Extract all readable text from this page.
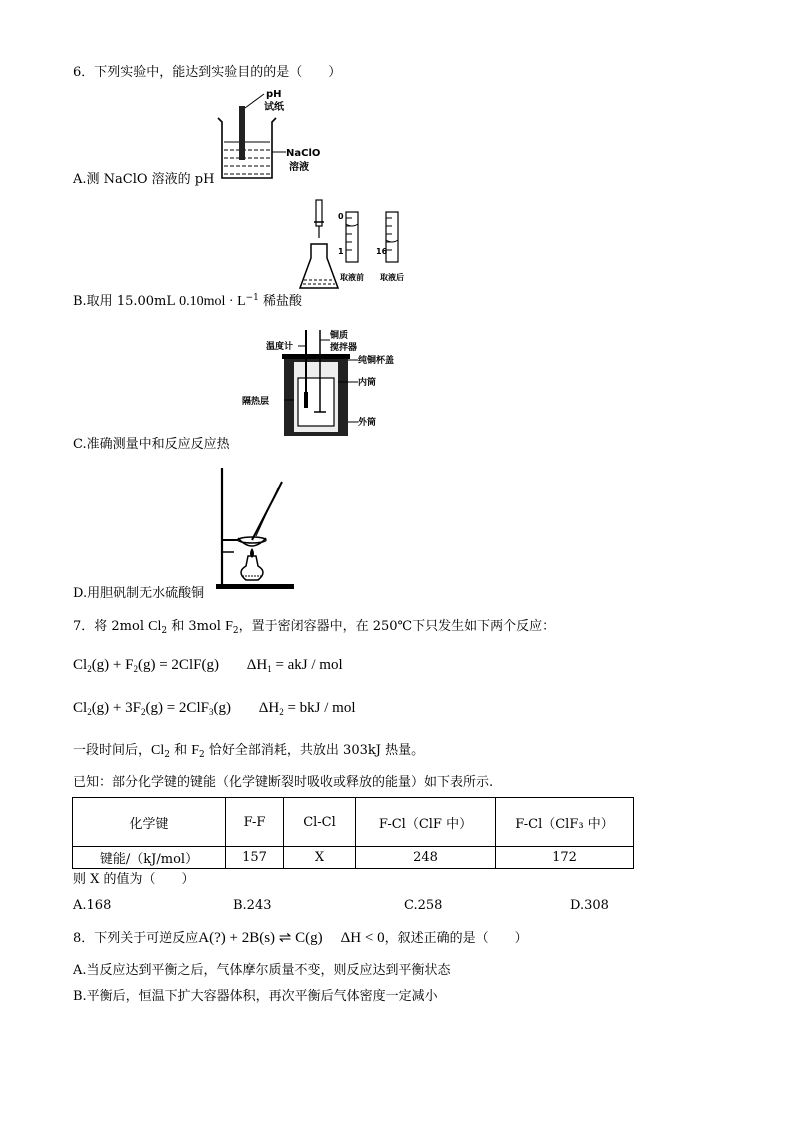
6．下列实验中，能达到实验目的的是（　　）
pH
试纸
NaClO
溶液
A.测 NaClO 溶液的 pH
0
1	16
取液前 取液后
B.取用 15.00mL $0.10mol \cdot L^{-1}$ 稀盐酸
温度计
铜质
搅拌器
纯铜杯盖
内筒
隔热层
外筒
C.准确测量中和反应反应热
D.用胆矾制无水硫酸铜
7．将 2mol $Cl_2$ 和 3mol $F_2$，置于密闭容器中，在 250℃下只发生如下两个反应：
$Cl_2(g) + F_2(g) = 2ClF(g) \Delta H_1$ = akJ / mol
$Cl_2(g) + 3F_2(g) = 2ClF_3(g) \Delta H_2$ = bkJ / mol
一段时间后，$Cl_2$ 和 $F_2$ 恰好全部消耗，共放出 303kJ 热量。
已知：部分化学键的键能（化学键断裂时吸收或释放的能量）如下表所示.
化学键	F-F	Cl-Cl	F-Cl（ClF 中）	F-Cl（ClF₃ 中）
键能/（kJ/mol）	157	X	248	172
则 X 的值为（　　）
A.168	B.243	C.258	D.308
8．下列关于可逆反应A(?) + 2B(s) ⇌ C(g) ΔH < 0，叙述正确的是（　　）
A.当反应达到平衡之后，气体摩尔质量不变，则反应达到平衡状态
B.平衡后，恒温下扩大容器体积，再次平衡后气体密度一定减小
